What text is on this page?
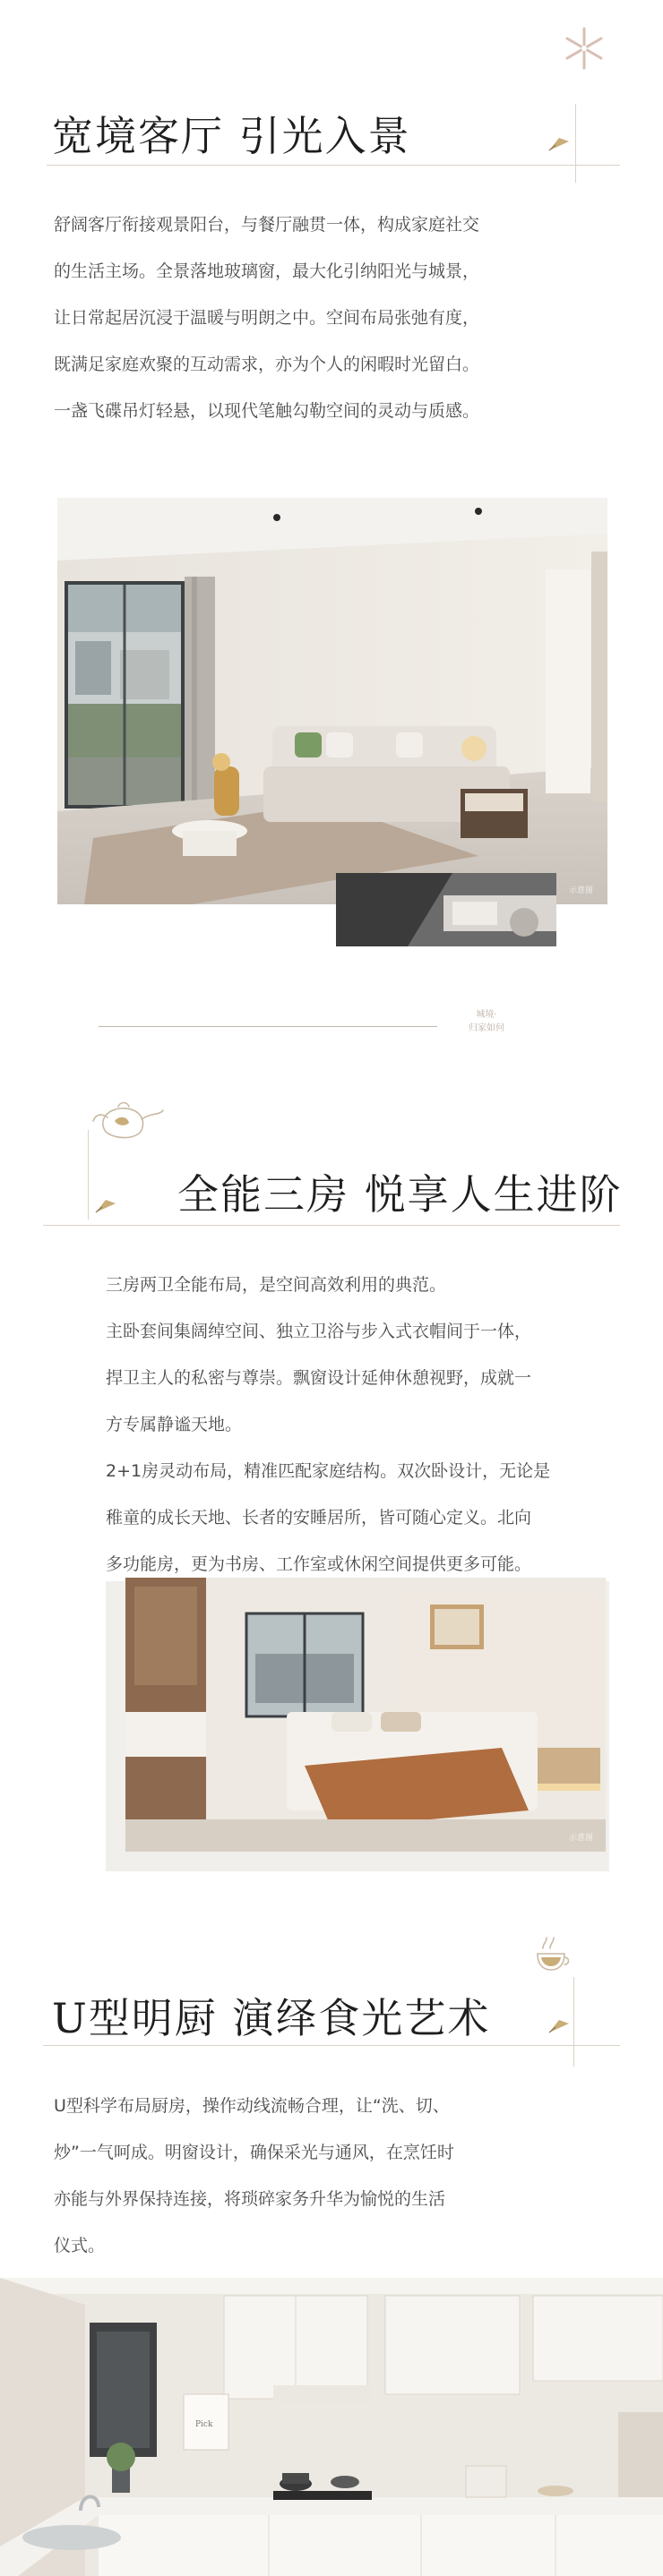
宽境客厅 引光入景

舒阔客厅衔接观景阳台，与餐厅融贯一体，构成家庭社交

的生活主场。全景落地玻璃窗，最大化引纳阳光与城景，

让日常起居沉浸于温暖与明朗之中。空间布局张弛有度，

既满足家庭欢聚的互动需求，亦为个人的闲暇时光留白。

一盏飞碟吊灯轻悬，以现代笔触勾勒空间的灵动与质感。

示意图

城境·

归家如何

全能三房 悦享人生进阶

三房两卫全能布局，是空间高效利用的典范。

主卧套间集阔绰空间、独立卫浴与步入式衣帽间于一体，

捍卫主人的私密与尊崇。飘窗设计延伸休憩视野，成就一

方专属静谧天地。

2+1房灵动布局，精准匹配家庭结构。双次卧设计，无论是

稚童的成长天地、长者的安睡居所，皆可随心定义。北向

多功能房，更为书房、工作室或休闲空间提供更多可能。

示意图
U型明厨 演绎食光艺术

U型科学布局厨房，操作动线流畅合理，让“洗、切、

炒”一气呵成。明窗设计，确保采光与通风，在烹饪时

亦能与外界保持连接，将琐碎家务升华为愉悦的生活

仪式。

Pick
